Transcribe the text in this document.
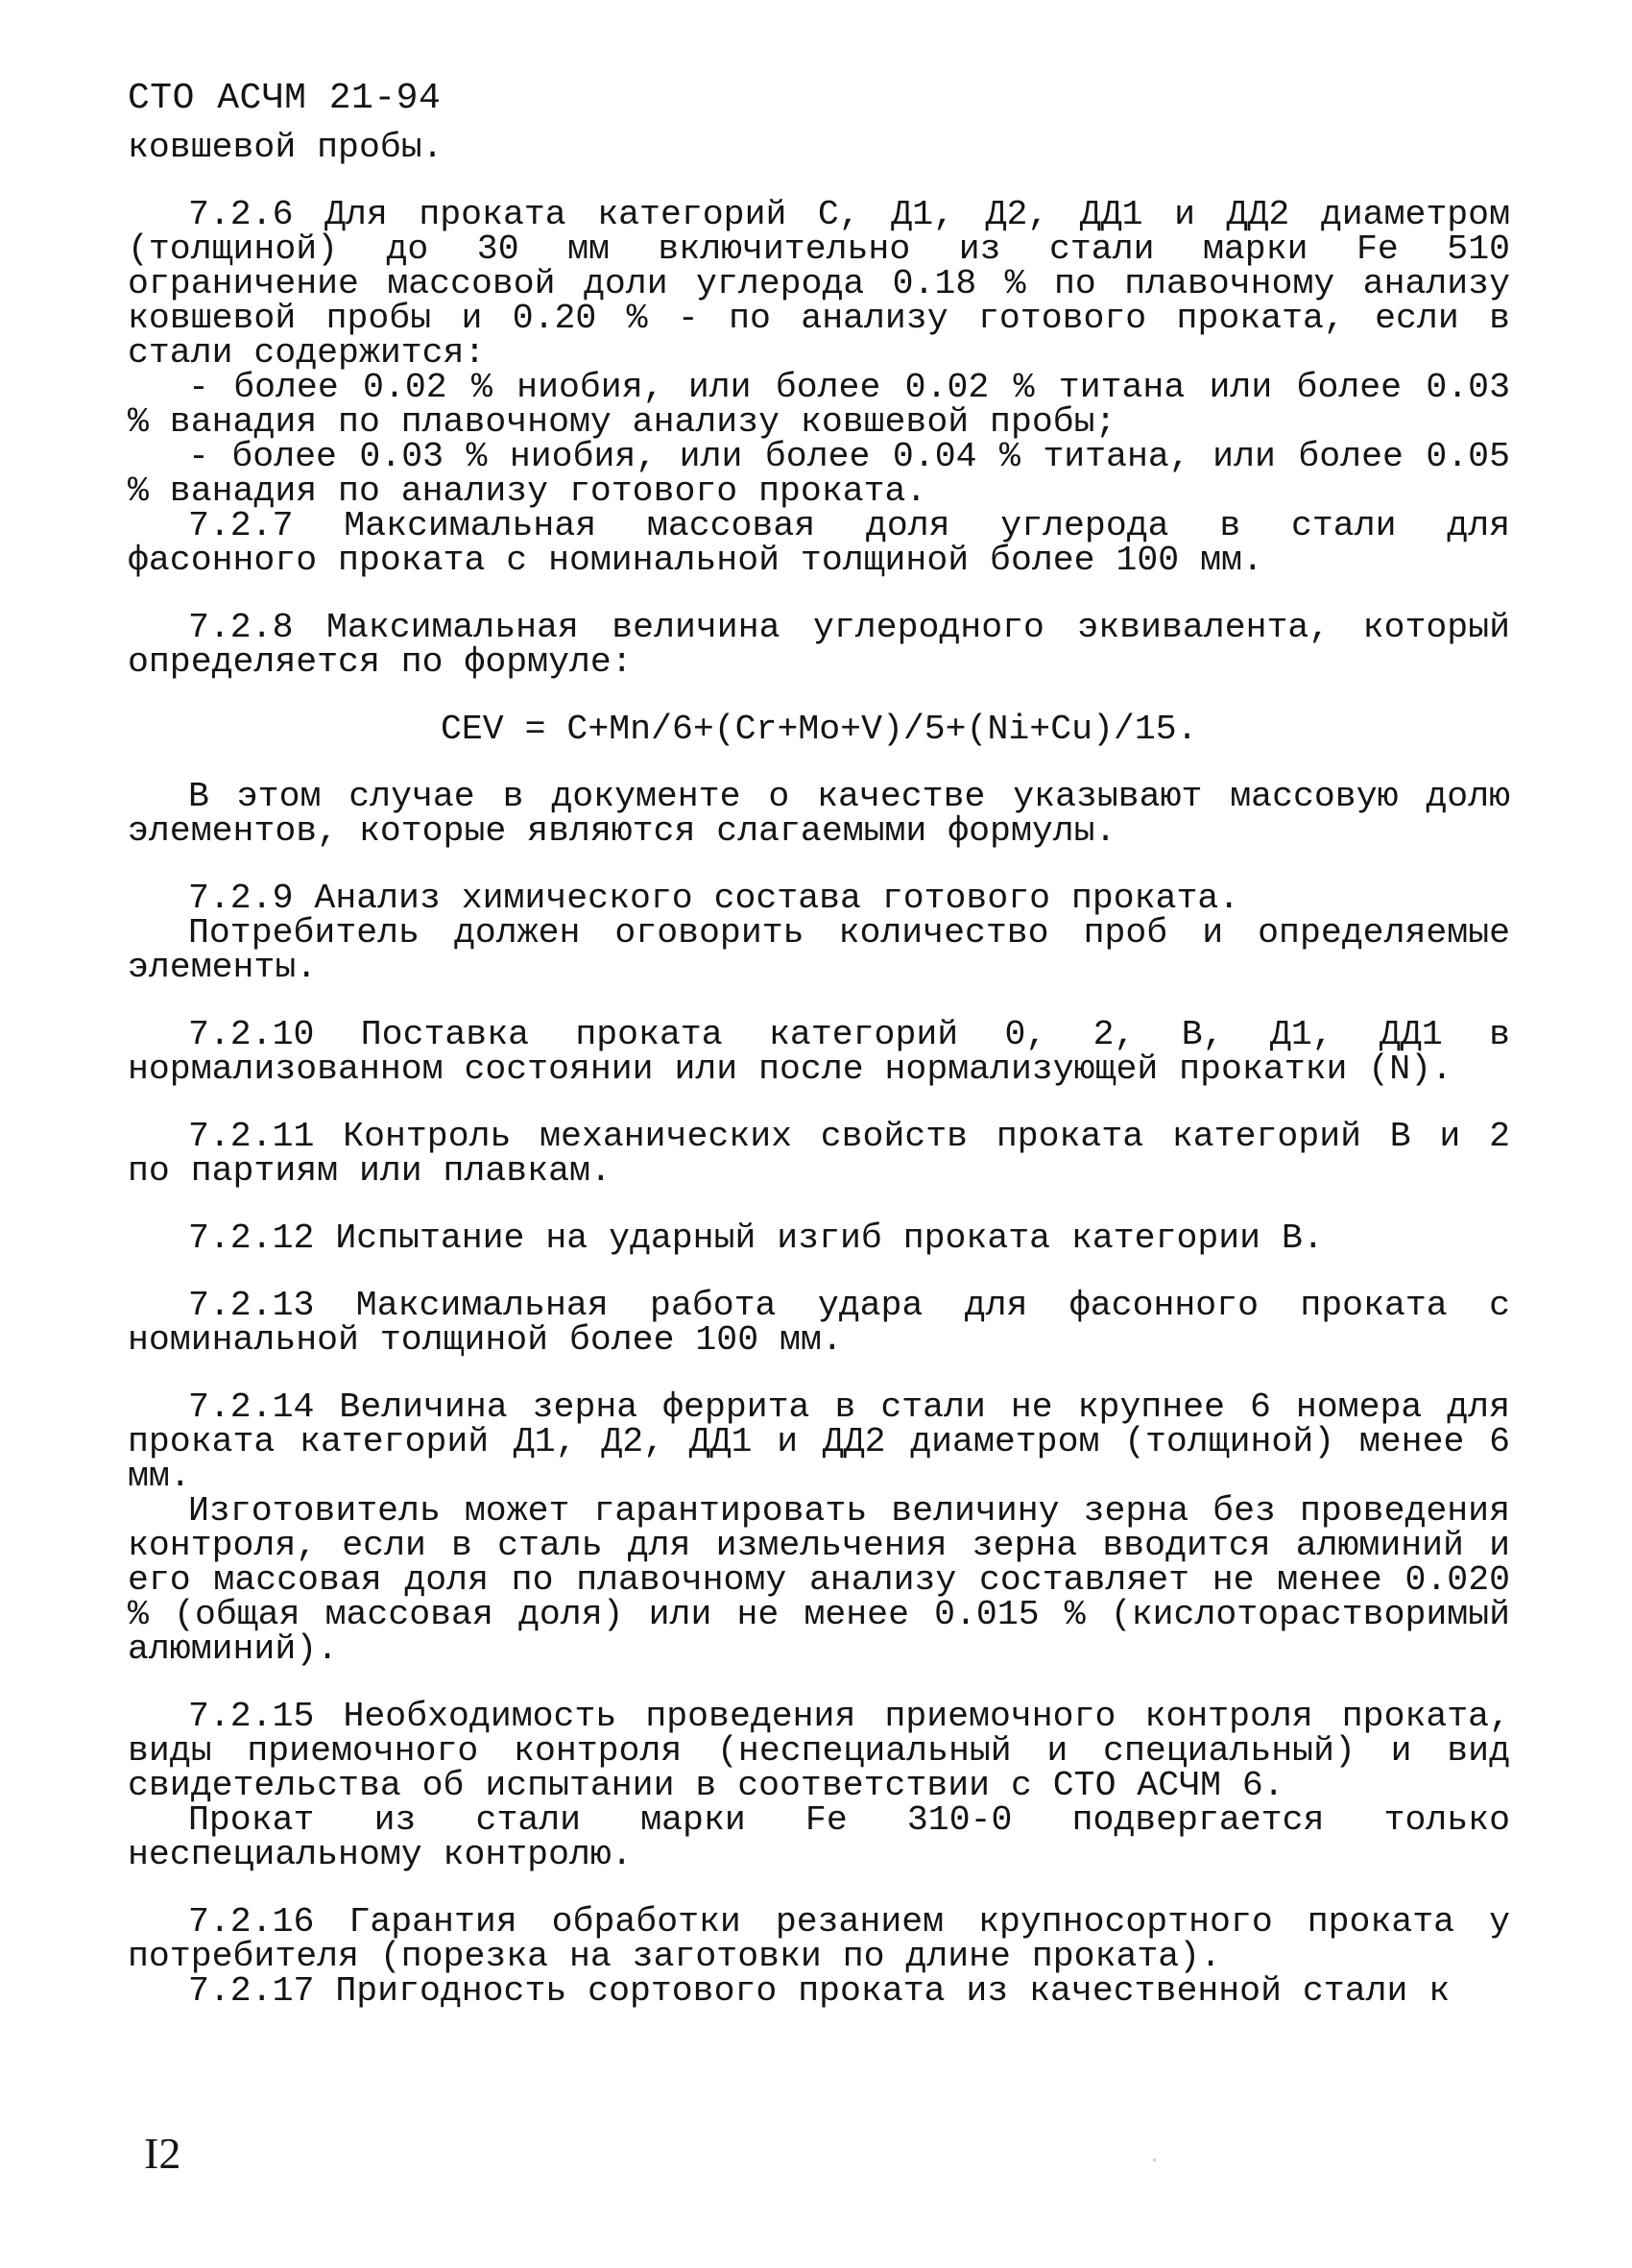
СТО АСЧМ 21-94

ковшевой пробы.

7.2.6 Для проката категорий С, Д1, Д2, ДД1 и ДД2 диаметром (толщиной) до 30 мм включительно из стали марки Fe 510 ограничение массовой доли углерода 0.18 % по плавочному анализу ковшевой пробы и 0.20 % - по анализу готового проката, если в стали содержится:

- более 0.02 % ниобия, или более 0.02 % титана или более 0.03 % ванадия по плавочному анализу ковшевой пробы;

- более 0.03 % ниобия, или более 0.04 % титана, или более 0.05 % ванадия по анализу готового проката.

7.2.7 Максимальная массовая доля углерода в стали для фасонного проката с номинальной толщиной более 100 мм.

7.2.8 Максимальная величина углеродного эквивалента, который определяется по формуле:

CEV = C+Mn/6+(Cr+Mo+V)/5+(Ni+Cu)/15.

В этом случае в документе о качестве указывают массовую долю элементов, которые являются слагаемыми формулы.

7.2.9 Анализ химического состава готового проката.

Потребитель должен оговорить количество проб и определяемые элементы.

7.2.10 Поставка проката категорий 0, 2, В, Д1, ДД1 в нормализованном состоянии или после нормализующей прокатки (N).

7.2.11 Контроль механических свойств проката категорий В и 2 по партиям или плавкам.

7.2.12 Испытание на ударный изгиб проката категории В.

7.2.13 Максимальная работа удара для фасонного проката с номинальной толщиной более 100 мм.

7.2.14 Величина зерна феррита в стали не крупнее 6 номера для проката категорий Д1, Д2, ДД1 и ДД2 диаметром (толщиной) менее 6 мм.

Изготовитель может гарантировать величину зерна без проведения контроля, если в сталь для измельчения зерна вводится алюминий и его массовая доля по плавочному анализу составляет не менее 0.020 % (общая массовая доля) или не менее 0.015 % (кислоторастворимый алюминий).

7.2.15 Необходимость проведения приемочного контроля проката, виды приемочного контроля (неспециальный и специальный) и вид свидетельства об испытании в соответствии с СТО АСЧМ 6.

Прокат из стали марки Fe 310-0 подвергается только неспециальному контролю.

7.2.16 Гарантия обработки резанием крупносортного проката у потребителя (порезка на заготовки по длине проката).

7.2.17 Пригодность сортового проката из качественной стали к

I2
